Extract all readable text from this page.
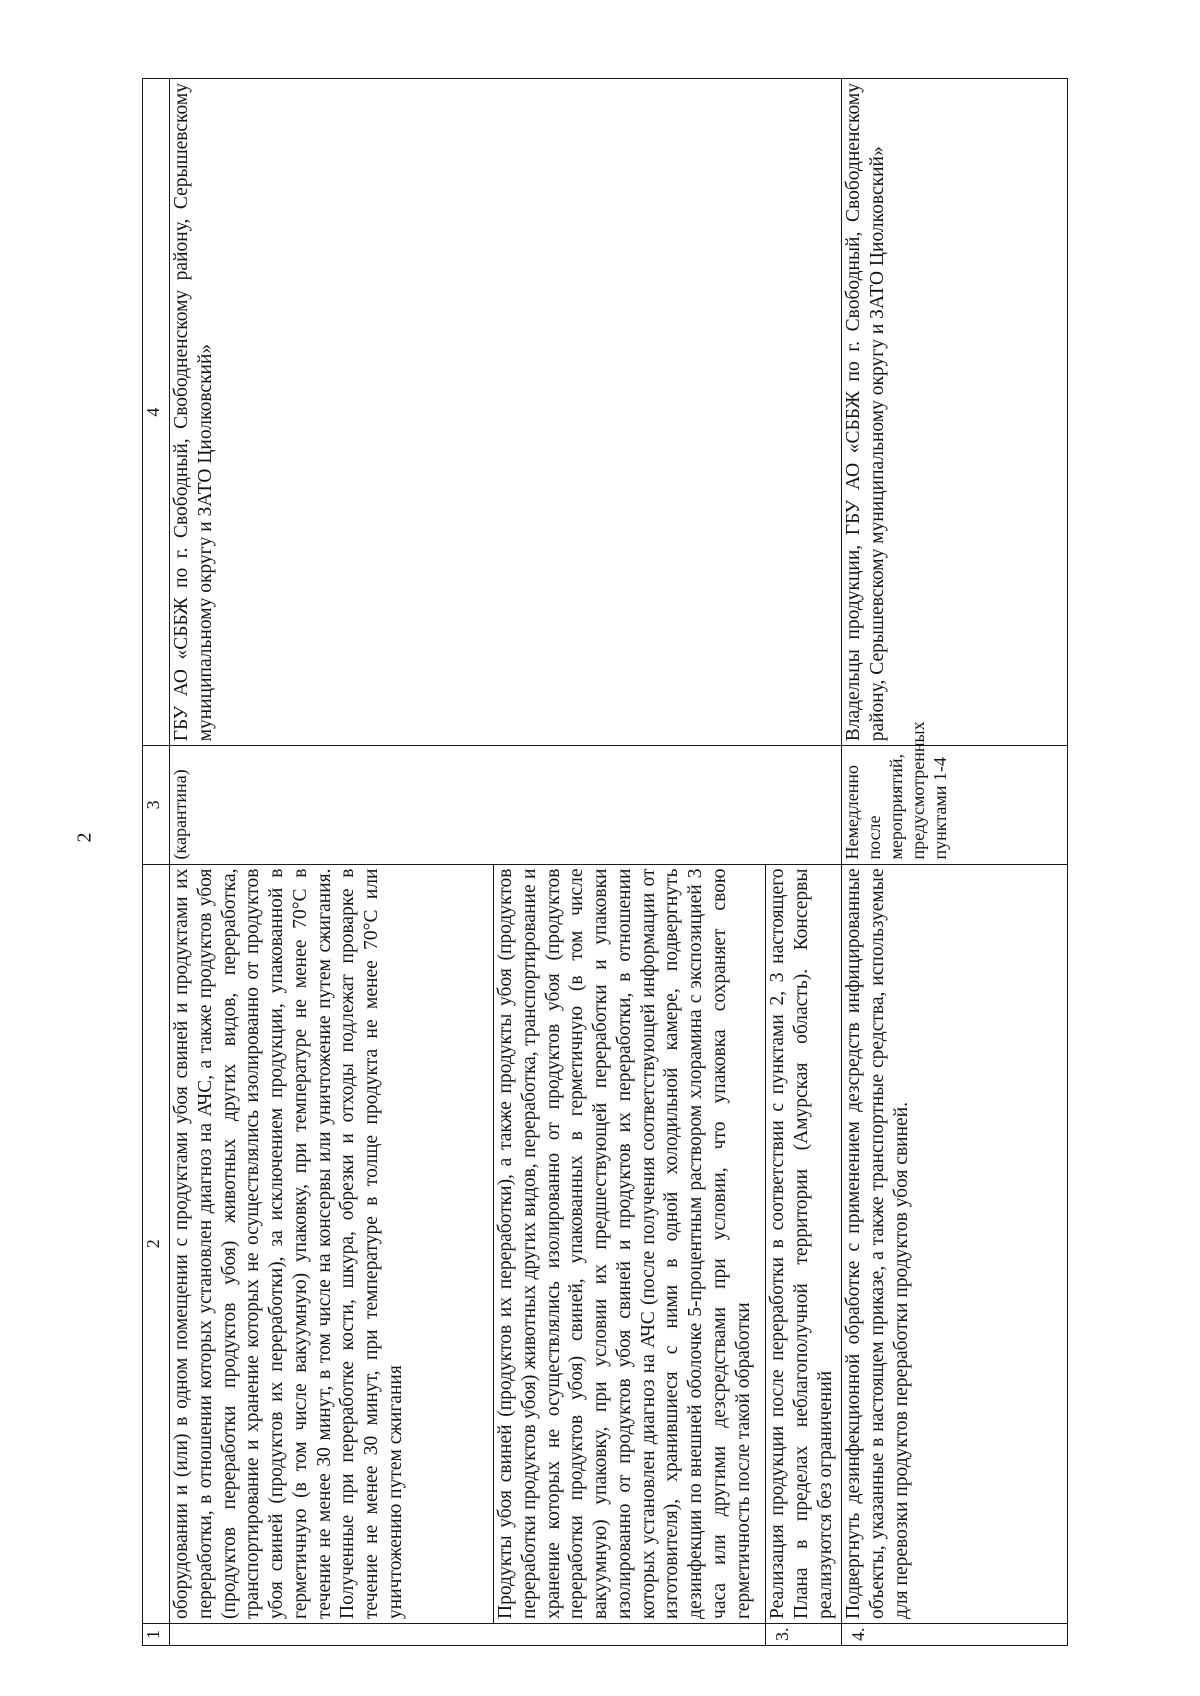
2
1	2	3	4
	оборудовании и (или) в одном помещении с продуктами убоя свиней и продуктами их переработки, в отношении которых установлен диагноз на АЧС, а также продуктов убоя (продуктов переработки продуктов убоя) животных других видов, переработка, транспортирование и хранение которых не осуществлялись изолированно от продуктов убоя свиней (продуктов их переработки), за исключением продукции, упакованной в герметичную (в том числе вакуумную) упаковку, при температуре не менее 70°С в течение не менее 30 минут, в том числе на консервы или уничтожение путем сжигания. Полученные при переработке кости, шкура, обрезки и отходы подлежат проварке в течение не менее 30 минут, при температуре в толще продукта не менее 70°С или уничтожению путем сжигания	(карантина)	ГБУ АО «СББЖ по г. Свободный, Свободненскому району, Серышевскому муниципальному округу и ЗАТО Циолковский»
	Продукты убоя свиней (продуктов их переработки), а также продукты убоя (продуктов переработки продуктов убоя) животных других видов, переработка, транспортирование и хранение которых не осуществлялись изолированно от продуктов убоя (продуктов переработки продуктов убоя) свиней, упакованных в герметичную (в том числе вакуумную) упаковку, при условии их предшествующей переработки и упаковки изолированно от продуктов убоя свиней и продуктов их переработки, в отношении которых установлен диагноз на АЧС (после получения соответствующей информации от изготовителя), хранившиеся с ними в одной холодильной камере, подвергнуть дезинфекции по внешней оболочке 5-процентным раствором хлорамина с экспозицией 3 часа или другими дезсредствами при условии, что упаковка сохраняет свою герметичность после такой обработки		
3.	Реализация продукции после переработки в соответствии с пунктами 2, 3 настоящего Плана в пределах неблагополучной территории (Амурская область). Консервы реализуются без ограничений		
4.	Подвергнуть дезинфекционной обработке с применением дезсредств инфицированные объекты, указанные в настоящем приказе, а также транспортные средства, используемые для перевозки продуктов переработки продуктов убоя свиней.	Немедленно после мероприятий, предусмотренных пунктами 1-4	Владельцы продукции, ГБУ АО «СББЖ по г. Свободный, Свободненскому району, Серышевскому муниципальному округу и ЗАТО Циолковский»
